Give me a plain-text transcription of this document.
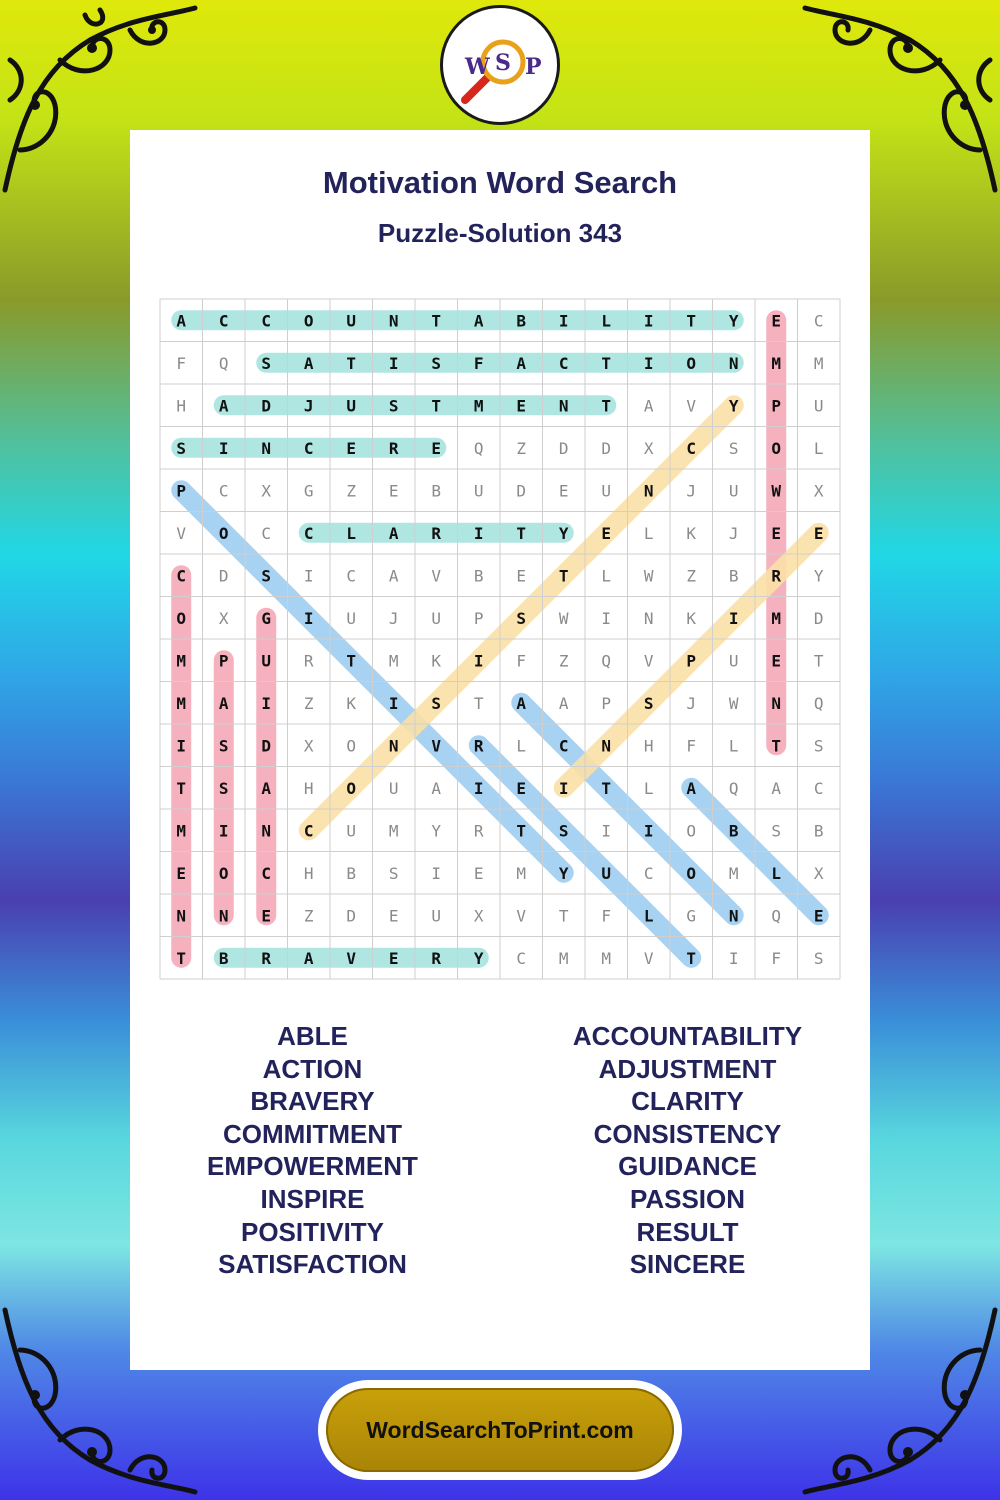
W S P
Motivation Word Search
Puzzle-Solution 343
A C C O U N T A B I L I T Y E C
F Q S A T I S F A C T I O N M M
H A D J U S T M E N T A V Y P U
S I N C E R E Q Z D D X C S O L
P C X G Z E B U D E U N J U W X
V O C C L A R I T Y E L K J E E
C D S I C A V B E T L W Z B R Y
O X G I U J U P S W I N K I M D
M P U R T M K I F Z Q V P U E T
M A I Z K I S T A A P S J W N Q
I S D X O N V R L C N H F L T S
T S A H O U A I E I T L A Q A C
M I N C U M Y R T S I I O B S B
E O C H B S I E M Y U C O M L X
N N E Z D E U X V T F L G N Q E
T B R A V E R Y C M M V T I F S
ABLE
ACTION
BRAVERY
COMMITMENT
EMPOWERMENT
INSPIRE
POSITIVITY
SATISFACTION
ACCOUNTABILITY
ADJUSTMENT
CLARITY
CONSISTENCY
GUIDANCE
PASSION
RESULT
SINCERE
WordSearchToPrint.com
